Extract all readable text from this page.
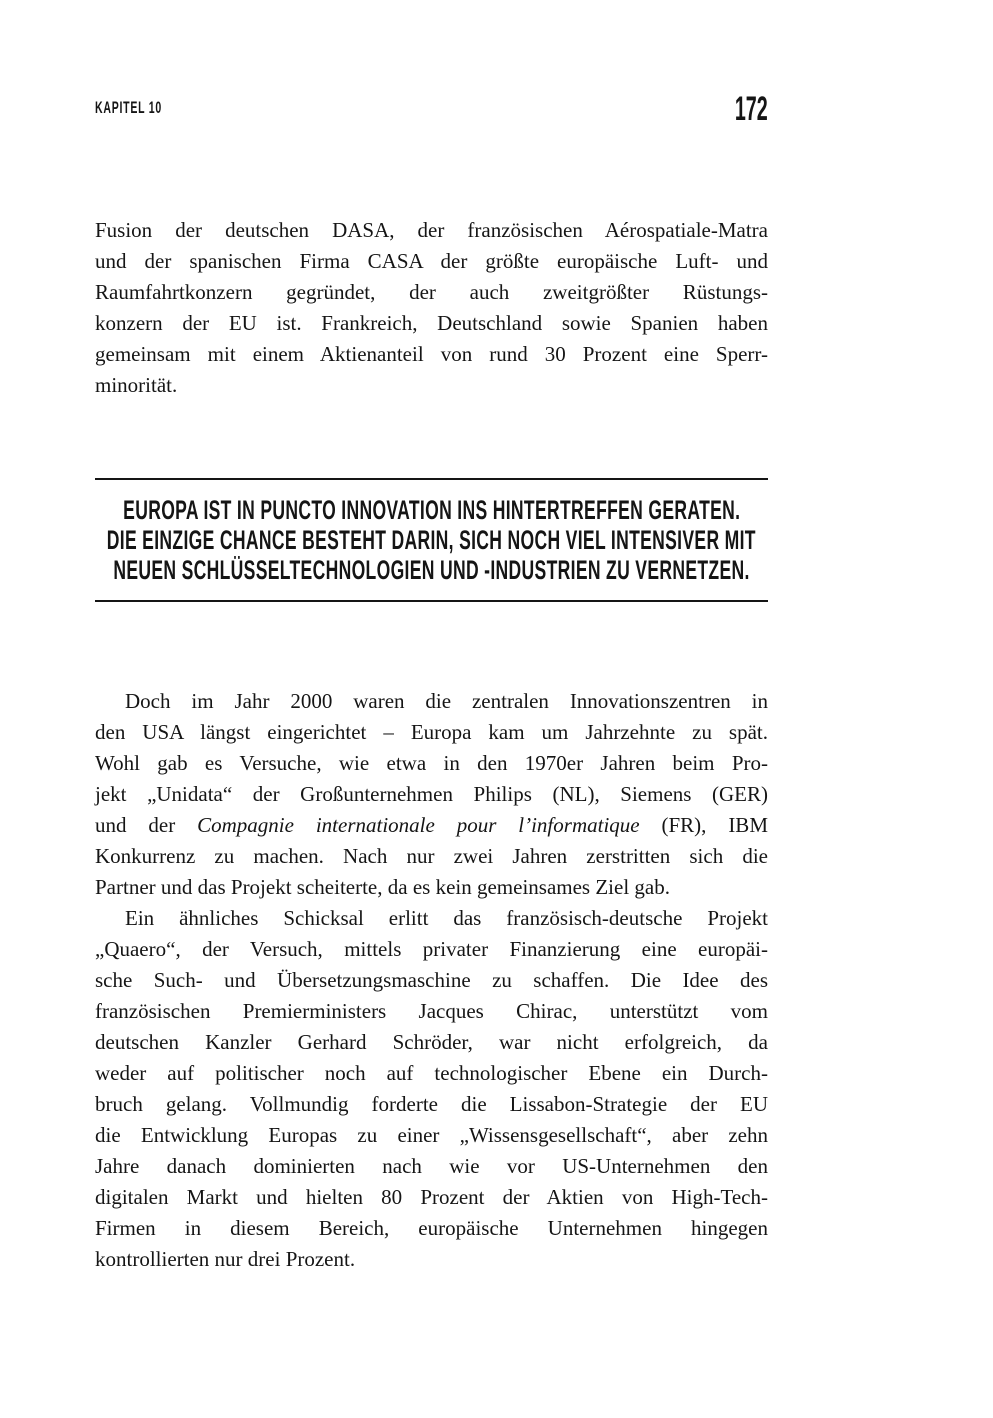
KAPITEL 10	172
Fusion der deutschen DASA, der französischen Aérospatiale-Matra
und der spanischen Firma CASA der größte europäische Luft- und
Raumfahrtkonzern gegründet, der auch zweitgrößter Rüstungs-
konzern der EU ist. Frankreich, Deutschland sowie Spanien haben
gemeinsam mit einem Aktienanteil von rund 30 Prozent eine Sperr-
minorität.
EUROPA IST IN PUNCTO INNOVATION INS HINTERTREFFEN GERATEN.
DIE EINZIGE CHANCE BESTEHT DARIN, SICH NOCH VIEL INTENSIVER MIT
NEUEN SCHLÜSSELTECHNOLOGIEN UND -INDUSTRIEN ZU VERNETZEN.
Doch im Jahr 2000 waren die zentralen Innovationszentren in
den USA längst eingerichtet – Europa kam um Jahrzehnte zu spät.
Wohl gab es Versuche, wie etwa in den 1970er Jahren beim Pro-
jekt „Unidata“ der Großunternehmen Philips (NL), Siemens (GER)
und der Compagnie internationale pour l’informatique (FR), IBM
Konkurrenz zu machen. Nach nur zwei Jahren zerstritten sich die
Partner und das Projekt scheiterte, da es kein gemeinsames Ziel gab.
Ein ähnliches Schicksal erlitt das französisch-deutsche Projekt
„Quaero“, der Versuch, mittels privater Finanzierung eine europäi-
sche Such- und Übersetzungsmaschine zu schaffen. Die Idee des
französischen Premierministers Jacques Chirac, unterstützt vom
deutschen Kanzler Gerhard Schröder, war nicht erfolgreich, da
weder auf politischer noch auf technologischer Ebene ein Durch-
bruch gelang. Vollmundig forderte die Lissabon-Strategie der EU
die Entwicklung Europas zu einer „Wissensgesellschaft“, aber zehn
Jahre danach dominierten nach wie vor US-Unternehmen den
digitalen Markt und hielten 80 Prozent der Aktien von High-Tech-
Firmen in diesem Bereich, europäische Unternehmen hingegen
kontrollierten nur drei Prozent.
